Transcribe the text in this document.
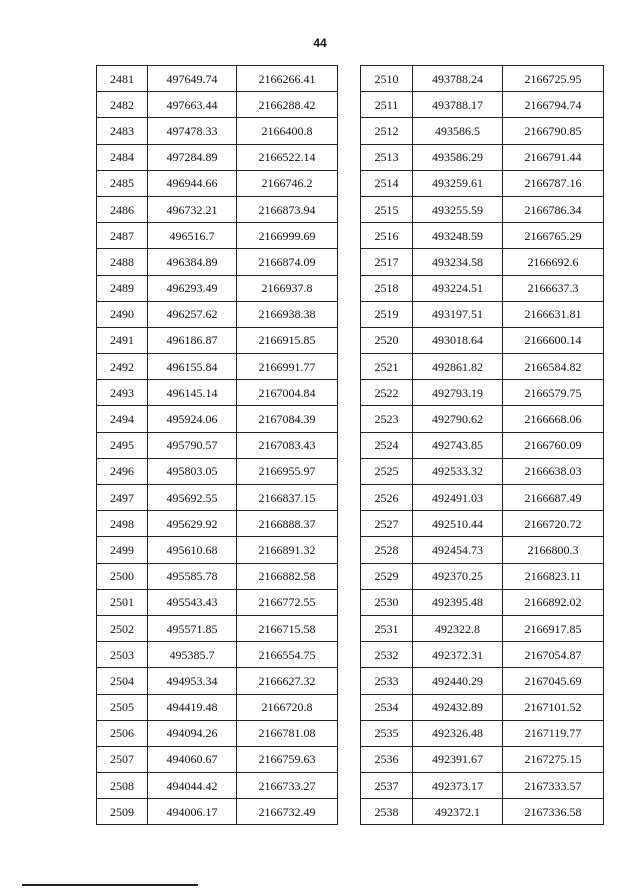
44
2481	497649.74	2166266.41
2482	497663.44	2166288.42
2483	497478.33	2166400.8
2484	497284.89	2166522.14
2485	496944.66	2166746.2
2486	496732.21	2166873.94
2487	496516.7	2166999.69
2488	496384.89	2166874.09
2489	496293.49	2166937.8
2490	496257.62	2166938.38
2491	496186.87	2166915.85
2492	496155.84	2166991.77
2493	496145.14	2167004.84
2494	495924.06	2167084.39
2495	495790.57	2167083.43
2496	495803.05	2166955.97
2497	495692.55	2166837.15
2498	495629.92	2166888.37
2499	495610.68	2166891.32
2500	495585.78	2166882.58
2501	495543.43	2166772.55
2502	495571.85	2166715.58
2503	495385.7	2166554.75
2504	494953.34	2166627.32
2505	494419.48	2166720.8
2506	494094.26	2166781.08
2507	494060.67	2166759.63
2508	494044.42	2166733.27
2509	494006.17	2166732.49
2510	493788.24	2166725.95
2511	493788.17	2166794.74
2512	493586.5	2166790.85
2513	493586.29	2166791.44
2514	493259.61	2166787.16
2515	493255.59	2166786.34
2516	493248.59	2166765.29
2517	493234.58	2166692.6
2518	493224.51	2166637.3
2519	493197.51	2166631.81
2520	493018.64	2166600.14
2521	492861.82	2166584.82
2522	492793.19	2166579.75
2523	492790.62	2166668.06
2524	492743.85	2166760.09
2525	492533.32	2166638.03
2526	492491.03	2166687.49
2527	492510.44	2166720.72
2528	492454.73	2166800.3
2529	492370.25	2166823.11
2530	492395.48	2166892.02
2531	492322.8	2166917.85
2532	492372.31	2167054.87
2533	492440.29	2167045.69
2534	492432.89	2167101.52
2535	492326.48	2167119.77
2536	492391.67	2167275.15
2537	492373.17	2167333.57
2538	492372.1	2167336.58
